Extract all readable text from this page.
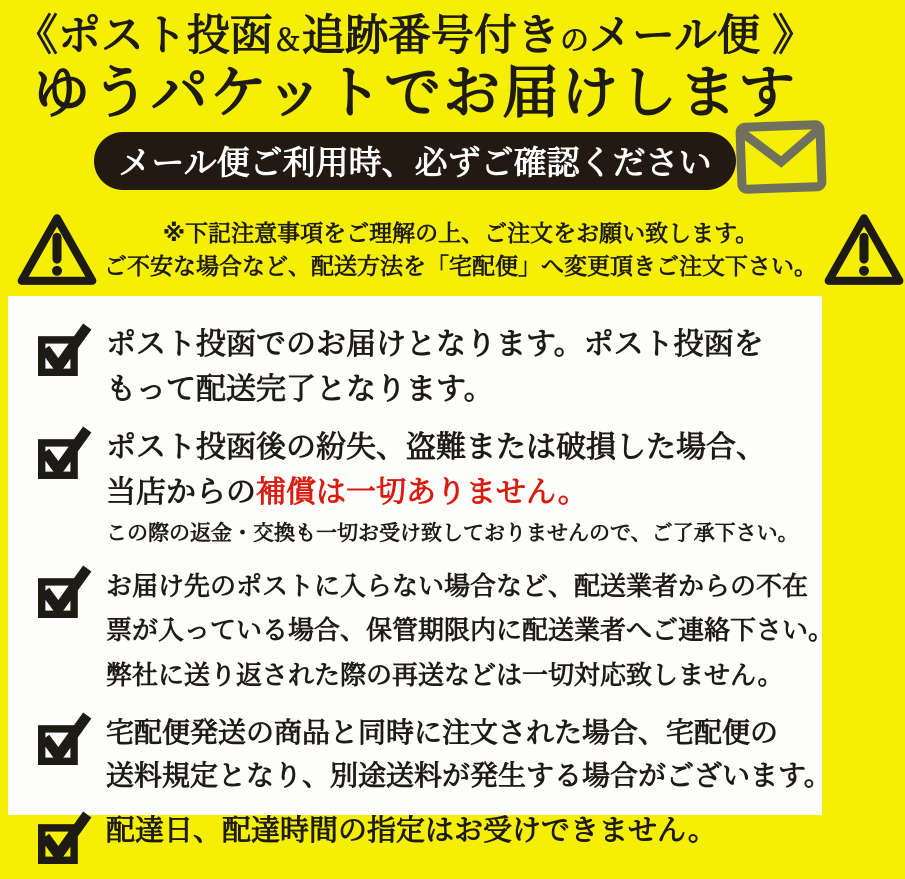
《ポスト投函＆追跡番号付きのメール便 》
ゆうパケットでお届けします
メール便ご利用時、必ずご確認ください
※下記注意事項をご理解の上、ご注文をお願い致します。
ご不安な場合など、配送方法を「宅配便」へ変更頂きご注文下さい。
ポスト投函でのお届けとなります。ポスト投函を
もって配送完了となります。
ポスト投函後の紛失、盗難または破損した場合、
当店からの補償は一切ありません。
この際の返金・交換も一切お受け致しておりませんので、ご了承下さい。
お届け先のポストに入らない場合など、配送業者からの不在
票が入っている場合、保管期限内に配送業者へご連絡下さい。
弊社に送り返された際の再送などは一切対応致しません。
宅配便発送の商品と同時に注文された場合、宅配便の
送料規定となり、別途送料が発生する場合がございます。
配達日、配達時間の指定はお受けできません。
